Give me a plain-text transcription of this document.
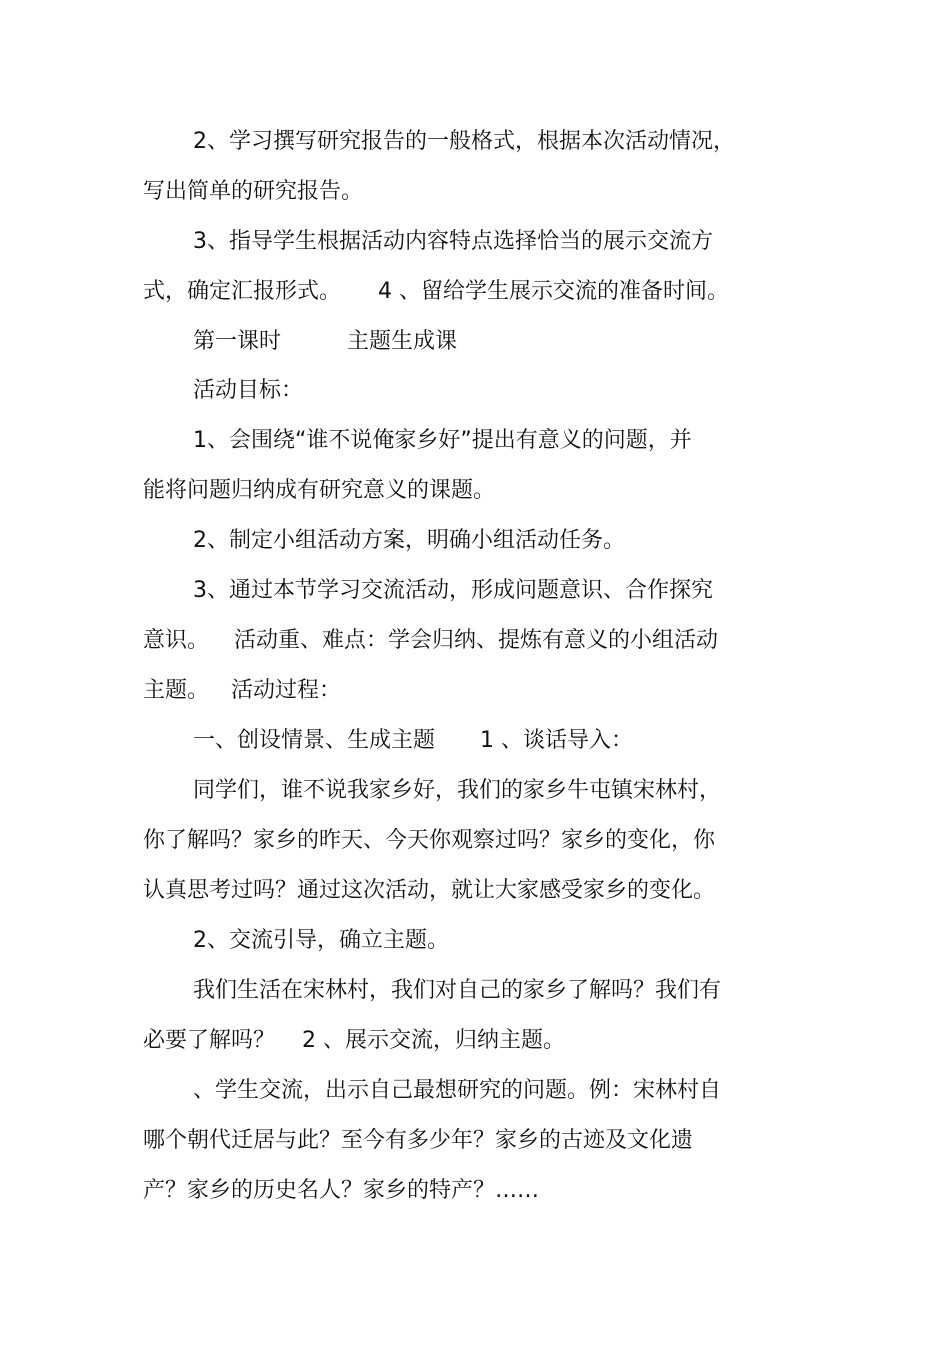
2、学习撰写研究报告的一般格式，根据本次活动情况，
写出简单的研究报告。
3、指导学生根据活动内容特点选择恰当的展示交流方
式，确定汇报形式。 4 、留给学生展示交流的准备时间。
第一课时	主题生成课
活动目标：
1、会围绕“谁不说俺家乡好”提出有意义的问题，并
能将问题归纳成有研究意义的课题。
2、制定小组活动方案，明确小组活动任务。
3、通过本节学习交流活动，形成问题意识、合作探究
意识。 活动重、难点：学会归纳、提炼有意义的小组活动
主题。 活动过程：
一、创设情景、生成主题 1 、谈话导入：
同学们，谁不说我家乡好，我们的家乡牛屯镇宋林村，
你了解吗？家乡的昨天、今天你观察过吗？家乡的变化，你
认真思考过吗？通过这次活动，就让大家感受家乡的变化。
2、交流引导，确立主题。
我们生活在宋林村，我们对自己的家乡了解吗？我们有
必要了解吗？ 2 、展示交流，归纳主题。
、学生交流，出示自己最想研究的问题。例：宋林村自
哪个朝代迁居与此？至今有多少年？家乡的古迹及文化遗
产？家乡的历史名人？家乡的特产？……
